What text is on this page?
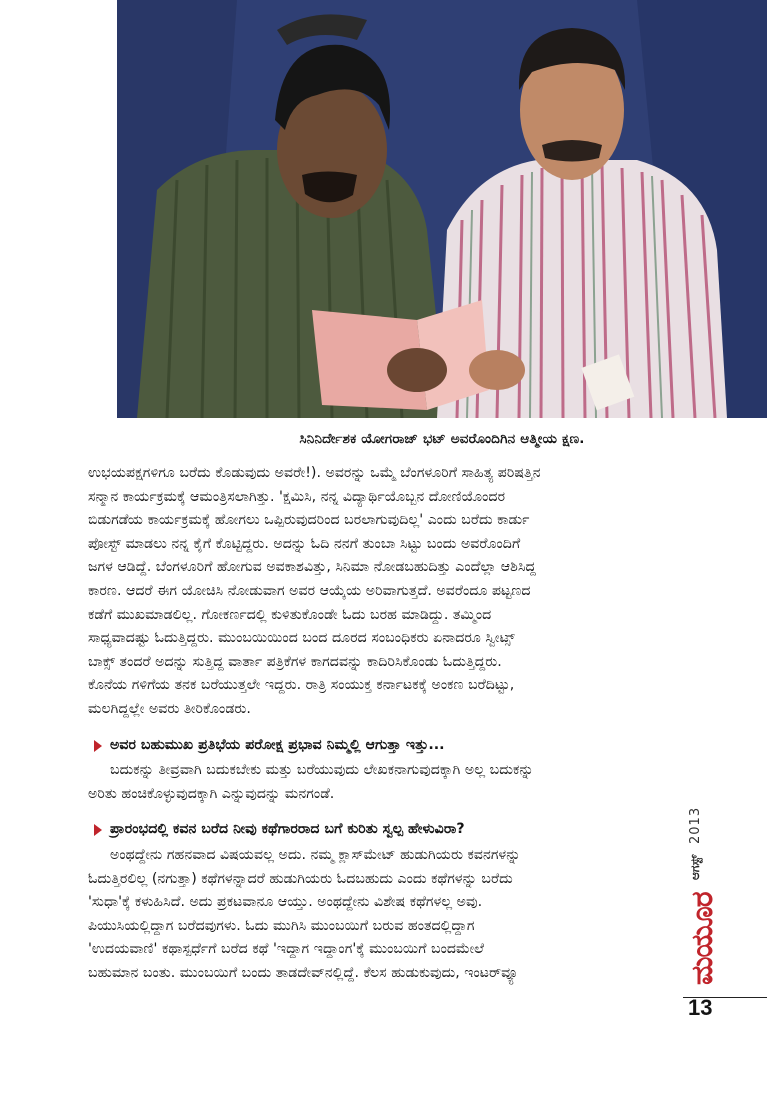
ಸಿನಿನಿರ್ದೇಶಕ ಯೋಗರಾಜ್ ಭಟ್ ಅವರೊಂದಿಗಿನ ಆತ್ಮೀಯ ಕ್ಷಣ.
ಉಭಯಪಕ್ಷಗಳಿಗೂ ಬರೆದು ಕೊಡುವುದು ಅವರೇ!). ಅವರನ್ನು ಒಮ್ಮೆ ಬೆಂಗಳೂರಿಗೆ ಸಾಹಿತ್ಯ ಪರಿಷತ್ತಿನ
ಸನ್ಮಾನ ಕಾರ್ಯಕ್ರಮಕ್ಕೆ ಆಮಂತ್ರಿಸಲಾಗಿತ್ತು. 'ಕ್ಷಮಿಸಿ, ನನ್ನ ವಿದ್ಯಾರ್ಥಿಯೊಬ್ಬನ ದೋಣಿಯೊಂದರ
ಬಿಡುಗಡೆಯ ಕಾರ್ಯಕ್ರಮಕ್ಕೆ ಹೋಗಲು ಒಪ್ಪಿರುವುದರಿಂದ ಬರಲಾಗುವುದಿಲ್ಲ' ಎಂದು ಬರೆದು ಕಾರ್ಡು
ಪೋಸ್ಟ್ ಮಾಡಲು ನನ್ನ ಕೈಗೆ ಕೊಟ್ಟಿದ್ದರು. ಅದನ್ನು ಓದಿ ನನಗೆ ತುಂಬಾ ಸಿಟ್ಟು ಬಂದು ಅವರೊಂದಿಗೆ
ಜಗಳ ಆಡಿದ್ದೆ. ಬೆಂಗಳೂರಿಗೆ ಹೋಗುವ ಅವಕಾಶವಿತ್ತು, ಸಿನಿಮಾ ನೋಡಬಹುದಿತ್ತು ಎಂದೆಲ್ಲಾ ಆಶಿಸಿದ್ದ
ಕಾರಣ. ಆದರೆ ಈಗ ಯೋಚಿಸಿ ನೋಡುವಾಗ ಅವರ ಆಯ್ಕೆಯ ಅರಿವಾಗುತ್ತದೆ. ಅವರೆಂದೂ ಪಟ್ಟಣದ
ಕಡೆಗೆ ಮುಖಮಾಡಲಿಲ್ಲ. ಗೋಕರ್ಣದಲ್ಲಿ ಕುಳಿತುಕೊಂಡೇ ಓದು ಬರಹ ಮಾಡಿದ್ದು. ತಮ್ಮಿಂದ
ಸಾಧ್ಯವಾದಷ್ಟು ಓದುತ್ತಿದ್ದರು. ಮುಂಬಯಿಯಿಂದ ಬಂದ ದೂರದ ಸಂಬಂಧಿಕರು ಏನಾದರೂ ಸ್ವೀಟ್ಸ್
ಬಾಕ್ಸ್ ತಂದರೆ ಅದನ್ನು ಸುತ್ತಿದ್ದ ವಾರ್ತಾ ಪತ್ರಿಕೆಗಳ ಕಾಗದವನ್ನು ಕಾದಿರಿಸಿಕೊಂಡು ಓದುತ್ತಿದ್ದರು.
ಕೊನೆಯ ಗಳಿಗೆಯ ತನಕ ಬರೆಯುತ್ತಲೇ ಇದ್ದರು. ರಾತ್ರಿ ಸಂಯುಕ್ತ ಕರ್ನಾಟಕಕ್ಕೆ ಅಂಕಣ ಬರೆದಿಟ್ಟು,
ಮಲಗಿದ್ದಲ್ಲೇ ಅವರು ತೀರಿಕೊಂಡರು.
ಅವರ ಬಹುಮುಖ ಪ್ರತಿಭೆಯ ಪರೋಕ್ಷ ಪ್ರಭಾವ ನಿಮ್ಮಲ್ಲಿ ಆಗುತ್ತಾ ಇತ್ತು...
ಬದುಕನ್ನು ತೀವ್ರವಾಗಿ ಬದುಕಬೇಕು ಮತ್ತು ಬರೆಯುವುದು ಲೇಖಕನಾಗುವುದಕ್ಕಾಗಿ ಅಲ್ಲ ಬದುಕನ್ನು
ಅರಿತು ಹಂಚಿಕೊಳ್ಳುವುದಕ್ಕಾಗಿ ಎನ್ನುವುದನ್ನು ಮನಗಂಡೆ.
ಪ್ರಾರಂಭದಲ್ಲಿ ಕವನ ಬರೆದ ನೀವು ಕಥೆಗಾರರಾದ ಬಗೆ ಕುರಿತು ಸ್ವಲ್ಪ ಹೇಳುವಿರಾ?
ಅಂಥದ್ದೇನು ಗಹನವಾದ ವಿಷಯವಲ್ಲ ಅದು. ನಮ್ಮ ಕ್ಲಾಸ್‌ಮೇಟ್ ಹುಡುಗಿಯರು ಕವನಗಳನ್ನು
ಓದುತ್ತಿರಲಿಲ್ಲ (ನಗುತ್ತಾ) ಕಥೆಗಳನ್ನಾದರೆ ಹುಡುಗಿಯರು ಓದಬಹುದು ಎಂದು ಕಥೆಗಳನ್ನು ಬರೆದು
'ಸುಧಾ'ಕ್ಕೆ ಕಳುಹಿಸಿದೆ. ಅದು ಪ್ರಕಟವಾನೂ ಆಯ್ತು. ಅಂಥದ್ದೇನು ವಿಶೇಷ ಕಥೆಗಳಲ್ಲ ಅವು.
ಪಿಯುಸಿಯಲ್ಲಿದ್ದಾಗ ಬರೆದವುಗಳು. ಓದು ಮುಗಿಸಿ ಮುಂಬಯಿಗೆ ಬರುವ ಹಂತದಲ್ಲಿದ್ದಾಗ
'ಉದಯವಾಣಿ' ಕಥಾಸ್ಪರ್ಧೆಗೆ ಬರೆದ ಕಥೆ 'ಇದ್ದಾಗ ಇದ್ದಾಂಗ'ಕ್ಕೆ ಮುಂಬಯಿಗೆ ಬಂದಮೇಲೆ
ಬಹುಮಾನ ಬಂತು. ಮುಂಬಯಿಗೆ ಬಂದು ತಾಡದೇವ್‌ನಲ್ಲಿದ್ದೆ. ಕೆಲಸ ಹುಡುಕುವುದು, ಇಂಟರ್‌ವ್ಯೂ
2013
ಆಗಸ್ಟ್
ಮಯೂರ
13
